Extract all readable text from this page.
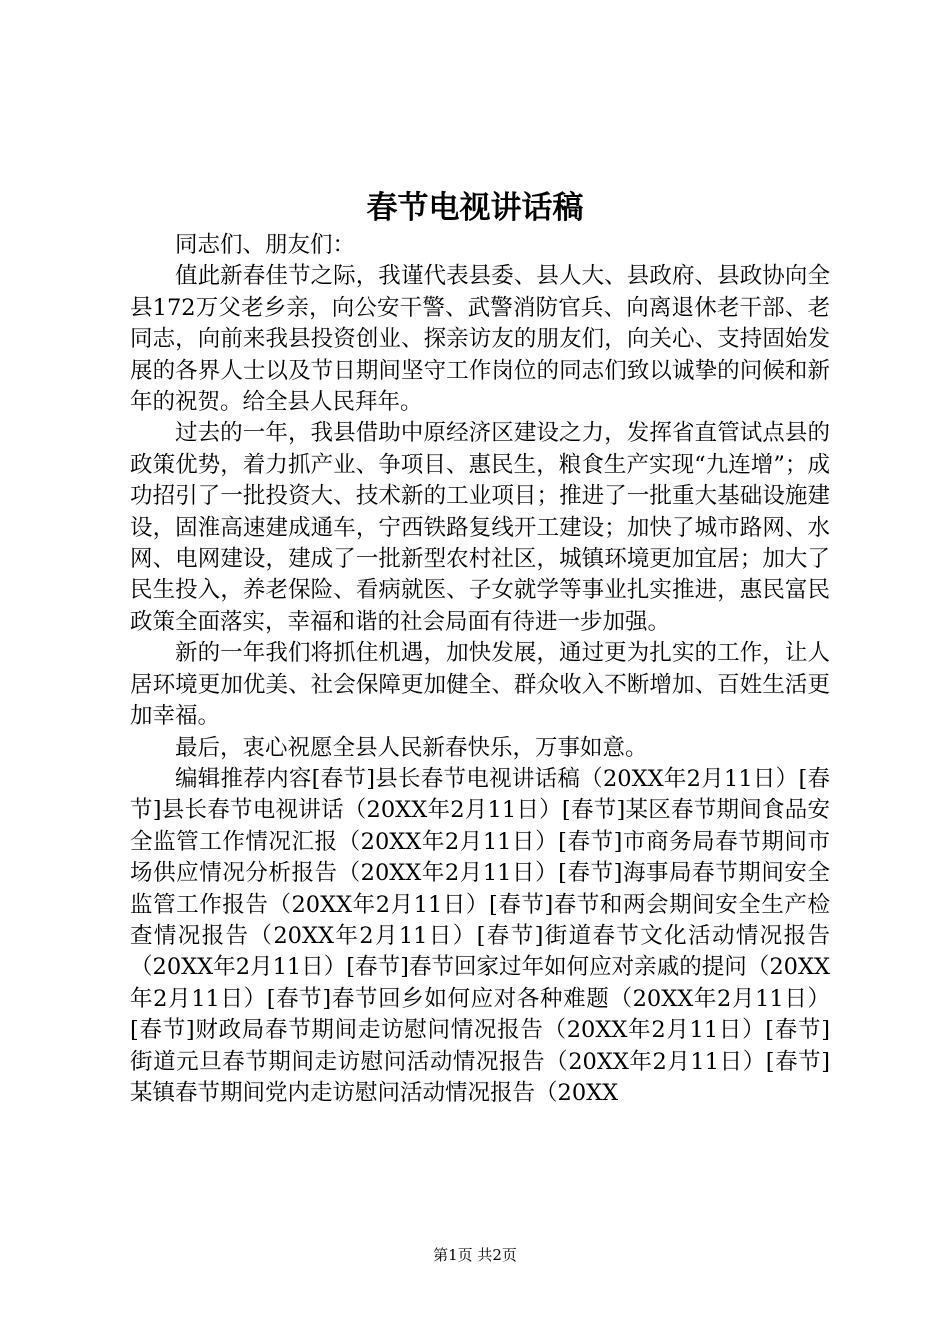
春节电视讲话稿

同志们、朋友们：

值此新春佳节之际，我谨代表县委、县人大、县政府、县政协向全县172万父老乡亲，向公安干警、武警消防官兵、向离退休老干部、老同志，向前来我县投资创业、探亲访友的朋友们，向关心、支持固始发展的各界人士以及节日期间坚守工作岗位的同志们致以诚挚的问候和新年的祝贺。给全县人民拜年。

过去的一年，我县借助中原经济区建设之力，发挥省直管试点县的政策优势，着力抓产业、争项目、惠民生，粮食生产实现“九连增”；成功招引了一批投资大、技术新的工业项目；推进了一批重大基础设施建设，固淮高速建成通车，宁西铁路复线开工建设；加快了城市路网、水网、电网建设，建成了一批新型农村社区，城镇环境更加宜居；加大了民生投入，养老保险、看病就医、子女就学等事业扎实推进，惠民富民政策全面落实，幸福和谐的社会局面有待进一步加强。

新的一年我们将抓住机遇，加快发展，通过更为扎实的工作，让人居环境更加优美、社会保障更加健全、群众收入不断增加、百姓生活更加幸福。

最后，衷心祝愿全县人民新春快乐，万事如意。

编辑推荐内容[春节]县长春节电视讲话稿（20XX年2月11日）[春节]县长春节电视讲话（20XX年2月11日）[春节]某区春节期间食品安全监管工作情况汇报（20XX年2月11日）[春节]市商务局春节期间市场供应情况分析报告（20XX年2月11日）[春节]海事局春节期间安全监管工作报告（20XX年2月11日）[春节]春节和两会期间安全生产检查情况报告（20XX年2月11日）[春节]街道春节文化活动情况报告（20XX年2月11日）[春节]春节回家过年如何应对亲戚的提问（20XX年2月11日）[春节]春节回乡如何应对各种难题（20XX年2月11日）[春节]财政局春节期间走访慰问情况报告（20XX年2月11日）[春节]街道元旦春节期间走访慰问活动情况报告（20XX年2月11日）[春节]某镇春节期间党内走访慰问活动情况报告（20XX

第1页 共2页
